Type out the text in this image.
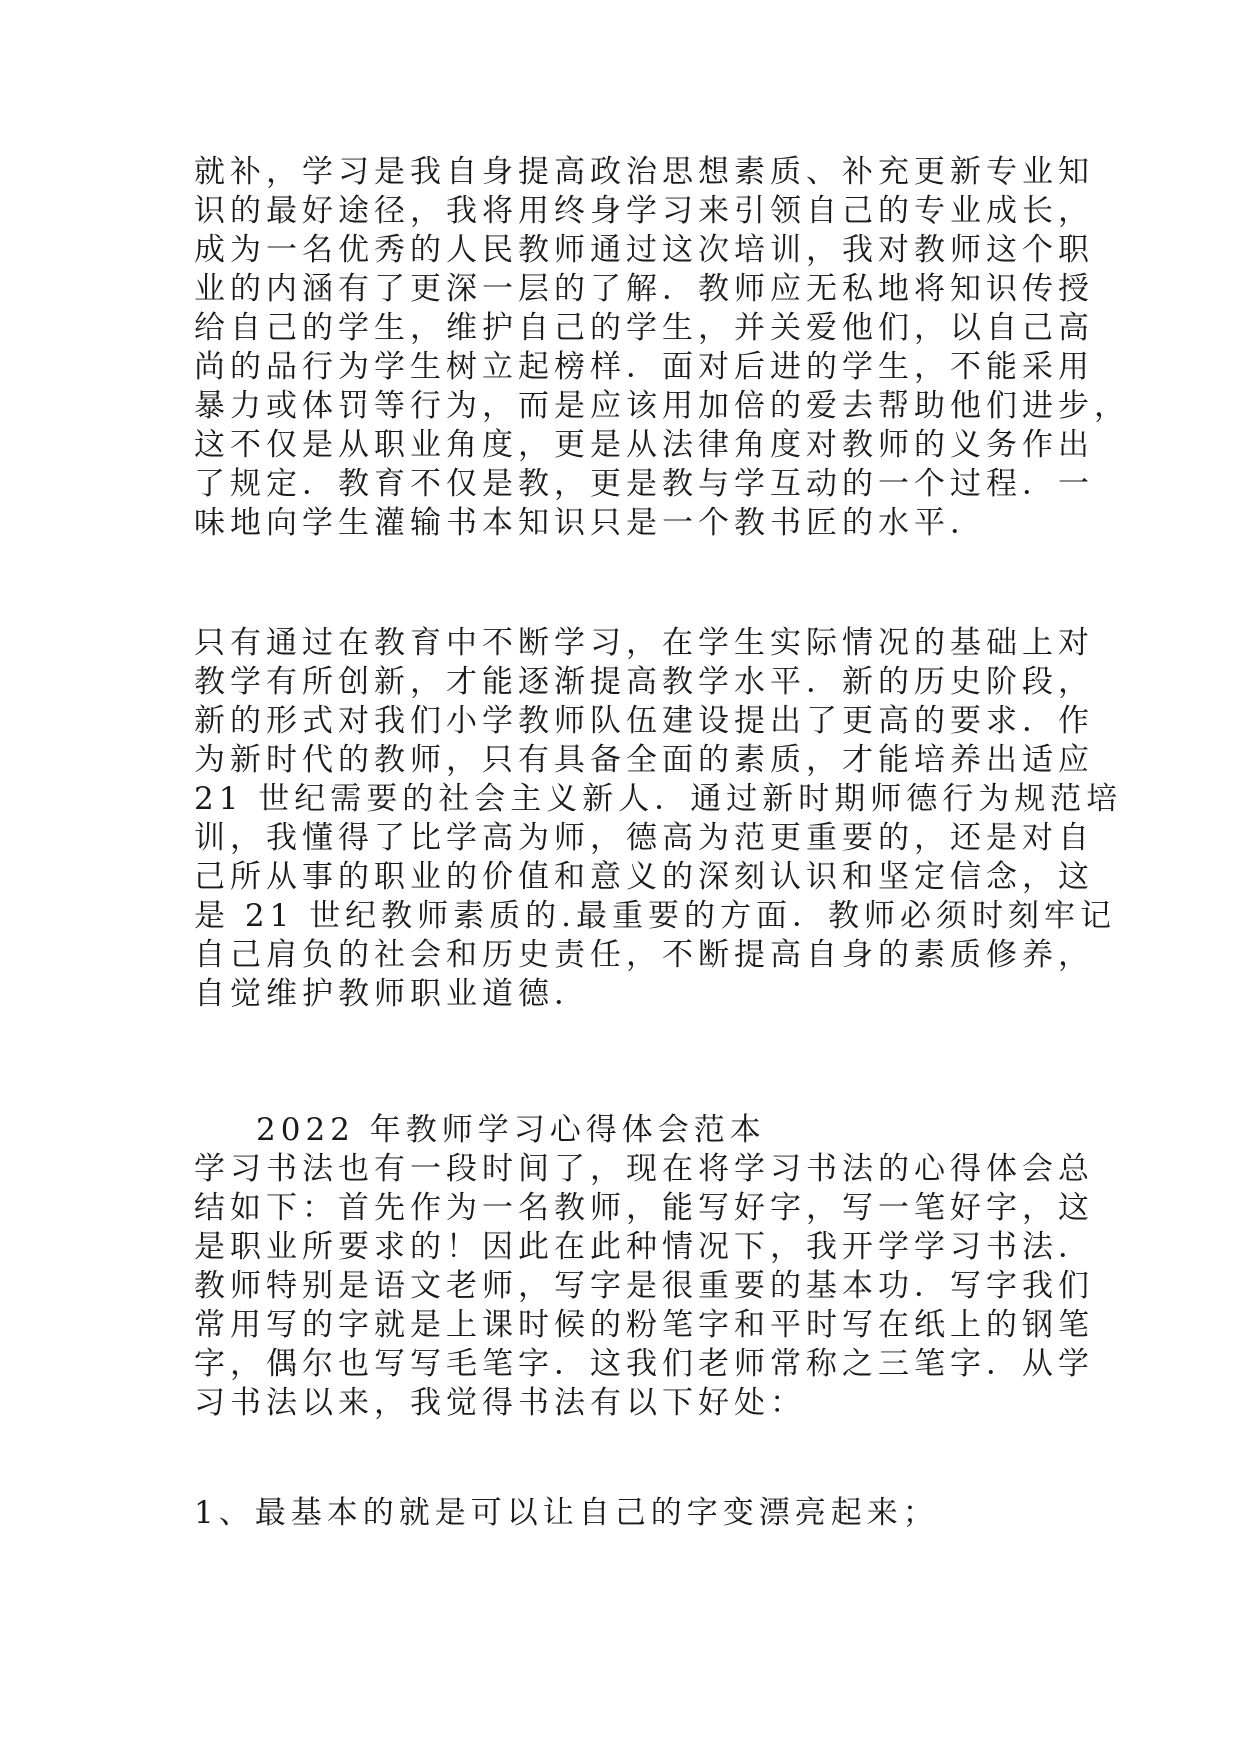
就补，学习是我自身提高政治思想素质、补充更新专业知
识的最好途径，我将用终身学习来引领自己的专业成长，
成为一名优秀的人民教师通过这次培训，我对教师这个职
业的内涵有了更深一层的了解．教师应无私地将知识传授
给自己的学生，维护自己的学生，并关爱他们，以自己高
尚的品行为学生树立起榜样．面对后进的学生，不能采用
暴力或体罚等行为，而是应该用加倍的爱去帮助他们进步，
这不仅是从职业角度，更是从法律角度对教师的义务作出
了规定．教育不仅是教，更是教与学互动的一个过程．一
味地向学生灌输书本知识只是一个教书匠的水平．
只有通过在教育中不断学习，在学生实际情况的基础上对
教学有所创新，才能逐渐提高教学水平．新的历史阶段，
新的形式对我们小学教师队伍建设提出了更高的要求．作
为新时代的教师，只有具备全面的素质，才能培养出适应
21 世纪需要的社会主义新人．通过新时期师德行为规范培
训，我懂得了比学高为师，德高为范更重要的，还是对自
己所从事的职业的价值和意义的深刻认识和坚定信念，这
是 21 世纪教师素质的.最重要的方面．教师必须时刻牢记
自己肩负的社会和历史责任，不断提高自身的素质修养，
自觉维护教师职业道德．
2022 年教师学习心得体会范本
学习书法也有一段时间了，现在将学习书法的心得体会总
结如下：首先作为一名教师，能写好字，写一笔好字，这
是职业所要求的！因此在此种情况下，我开学学习书法．
教师特别是语文老师，写字是很重要的基本功．写字我们
常用写的字就是上课时候的粉笔字和平时写在纸上的钢笔
字，偶尔也写写毛笔字．这我们老师常称之三笔字．从学
习书法以来，我觉得书法有以下好处：
1、最基本的就是可以让自己的字变漂亮起来；
